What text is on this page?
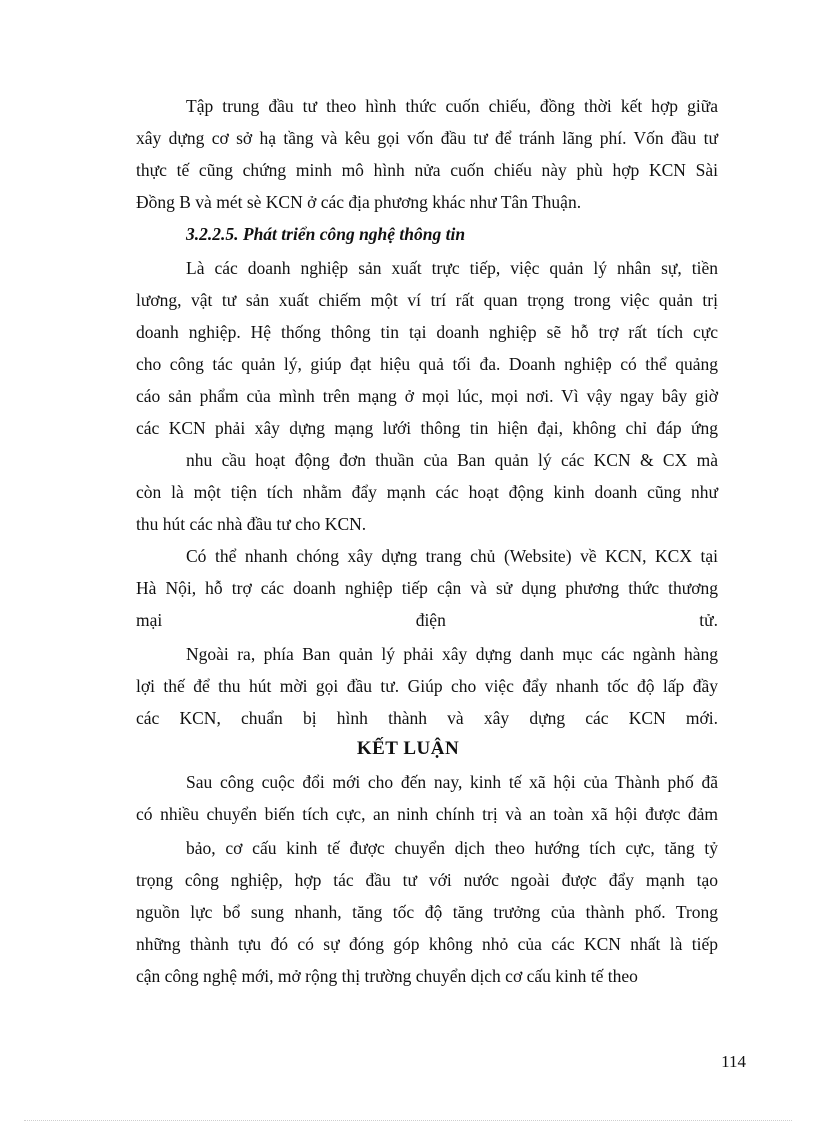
Tập trung đầu tư theo hình thức cuốn chiếu, đồng thời kết hợp giữa
xây dựng cơ sở hạ tầng và kêu gọi vốn đầu tư để tránh lãng phí. Vốn đầu tư
thực tế cũng chứng minh mô hình nửa cuốn chiếu này phù hợp KCN Sài
Đồng B và mét sè KCN ở các địa phương khác như Tân Thuận.
3.2.2.5. Phát triển công nghệ thông tin
Là các doanh nghiệp sản xuất trực tiếp, việc quản lý nhân sự, tiền
lương, vật tư sản xuất chiếm một ví trí rất quan trọng trong việc quản trị
doanh nghiệp. Hệ thống thông tin tại doanh nghiệp sẽ hỗ trợ rất tích cực
cho công tác quản lý, giúp đạt hiệu quả tối đa. Doanh nghiệp có thể quảng
cáo sản phẩm của mình trên mạng ở mọi lúc, mọi nơi. Vì vậy ngay bây giờ
các KCN phải xây dựng mạng lưới thông tin hiện đại, không chỉ đáp ứng
nhu cầu hoạt động đơn thuần của Ban quản lý các KCN & CX mà
còn là một tiện tích nhằm đẩy mạnh các hoạt động kinh doanh cũng như
thu hút các nhà đầu tư cho KCN.
Có thể nhanh chóng xây dựng trang chủ (Website) về KCN, KCX tại
Hà Nội, hỗ trợ các doanh nghiệp tiếp cận và sử dụng phương thức thương
mại điện tử.
Ngoài ra, phía Ban quản lý phải xây dựng danh mục các ngành hàng
lợi thế để thu hút mời gọi đầu tư. Giúp cho việc đẩy nhanh tốc độ lấp đầy
các KCN, chuẩn bị hình thành và xây dựng các KCN mới.
KẾT LUẬN
Sau công cuộc đổi mới cho đến nay, kinh tế xã hội của Thành phố đã
có nhiều chuyển biến tích cực, an ninh chính trị và an toàn xã hội được đảm
bảo, cơ cấu kinh tế được chuyển dịch theo hướng tích cực, tăng tỷ
trọng công nghiệp, hợp tác đầu tư với nước ngoài được đẩy mạnh tạo
nguồn lực bổ sung nhanh, tăng tốc độ tăng trưởng của thành phố. Trong
những thành tựu đó có sự đóng góp không nhỏ của các KCN nhất là tiếp
cận công nghệ mới, mở rộng thị trường chuyển dịch cơ cấu kinh tế theo
114
